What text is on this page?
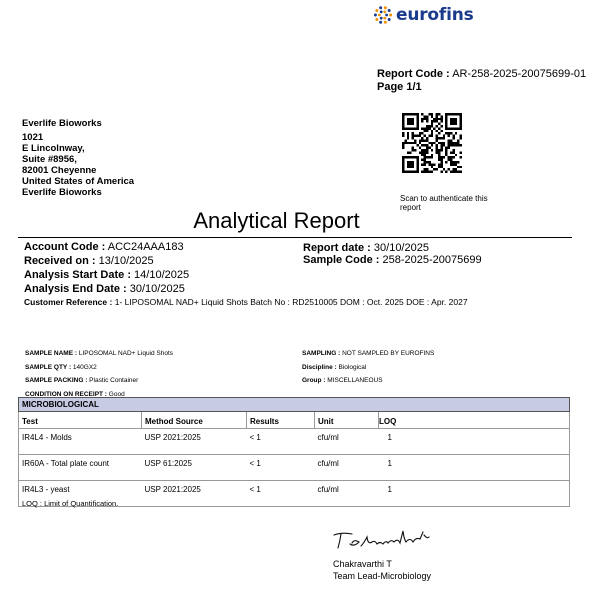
eurofins
Report Code : AR-258-2025-20075699-01
Page 1/1
Everlife Bioworks
1021
E Lincolnway,
Suite #8956,
82001 Cheyenne
United States of America
Everlife Bioworks
Scan to authenticate this report
Analytical Report
Account Code : ACC24AAA183
Received on : 13/10/2025
Analysis Start Date : 14/10/2025
Analysis End Date : 30/10/2025
Report date : 30/10/2025
Sample Code : 258-2025-20075699
Customer Reference : 1- LIPOSOMAL NAD+ Liquid Shots Batch No : RD2510005 DOM : Oct. 2025 DOE : Apr. 2027
SAMPLE NAME : LIPOSOMAL NAD+ Liquid Shots
SAMPLE QTY : 140GX2
SAMPLE PACKING : Plastic Container
CONDITION ON RECEIPT : Good
SAMPLING : NOT SAMPLED BY EUROFINS
Discipline : Biological
Group : MISCELLANEOUS
MICROBIOLOGICAL				
Test	Method Source	Results	Unit	LOQ
IR4L4 - Molds	USP 2021:2025	< 1	cfu/ml	1
IR60A - Total plate count	USP 61:2025	< 1	cfu/ml	1
IR4L3 - yeast	USP 2021:2025	< 1	cfu/ml	1
LOQ : Limit of Quantification.
Chakravarthi T
Team Lead-Microbiology
